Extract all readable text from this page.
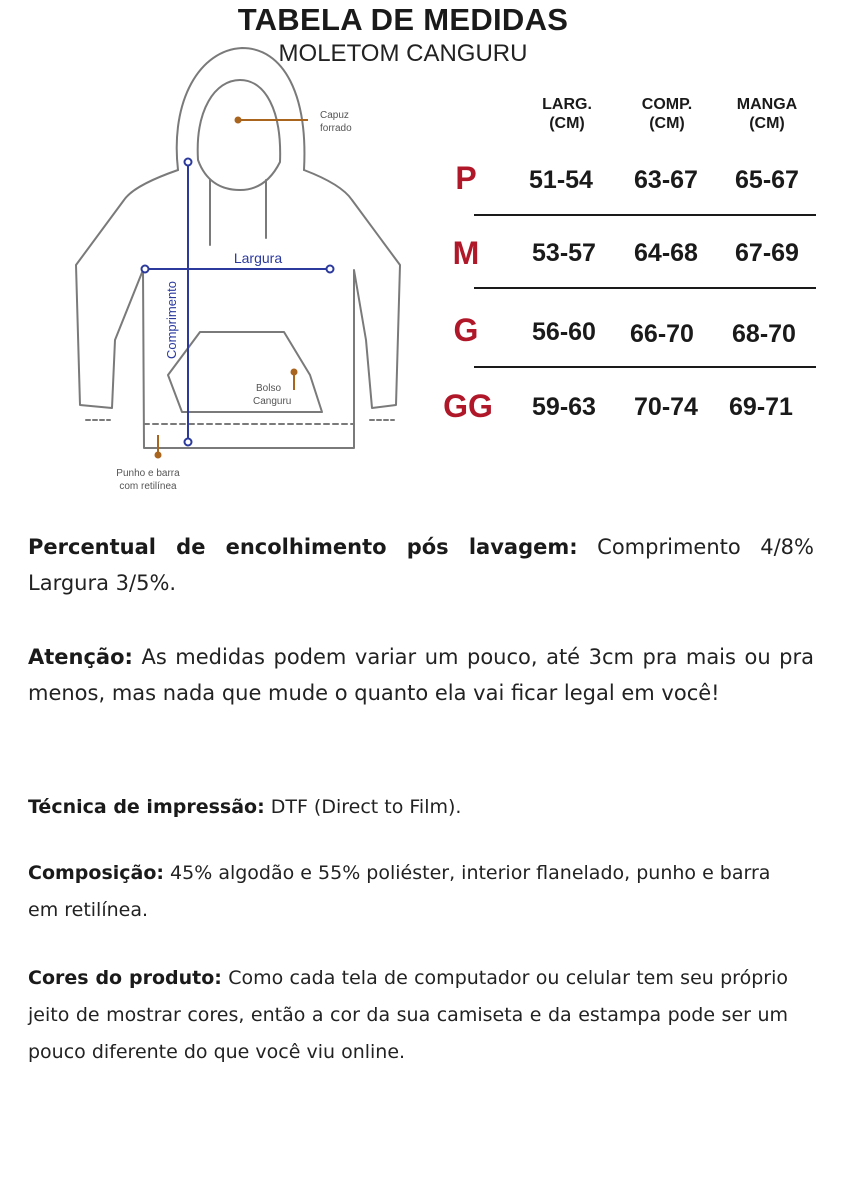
TABELA DE MEDIDAS
MOLETOM CANGURU
Largura
Comprimento
Capuz
forrado
Bolso
Canguru
Punho e barra
com retilínea
LARG.
(CM)
COMP.
(CM)
MANGA
(CM)
P	51-54	63-67	65-67
M	53-57	64-68	67-69
G	56-60	66-70	68-70
GG	59-63	70-74	69-71
Percentual de encolhimento pós lavagem: Comprimento 4/8% Largura 3/5%.
Atenção: As medidas podem variar um pouco, até 3cm pra mais ou pra menos, mas nada que mude o quanto ela vai ficar legal em você!
Técnica de impressão: DTF (Direct to Film).
Composição: 45% algodão e 55% poliéster, interior flanelado, punho e barra em retilínea.
Cores do produto: Como cada tela de computador ou celular tem seu próprio jeito de mostrar cores, então a cor da sua camiseta e da estampa pode ser um pouco diferente do que você viu online.
